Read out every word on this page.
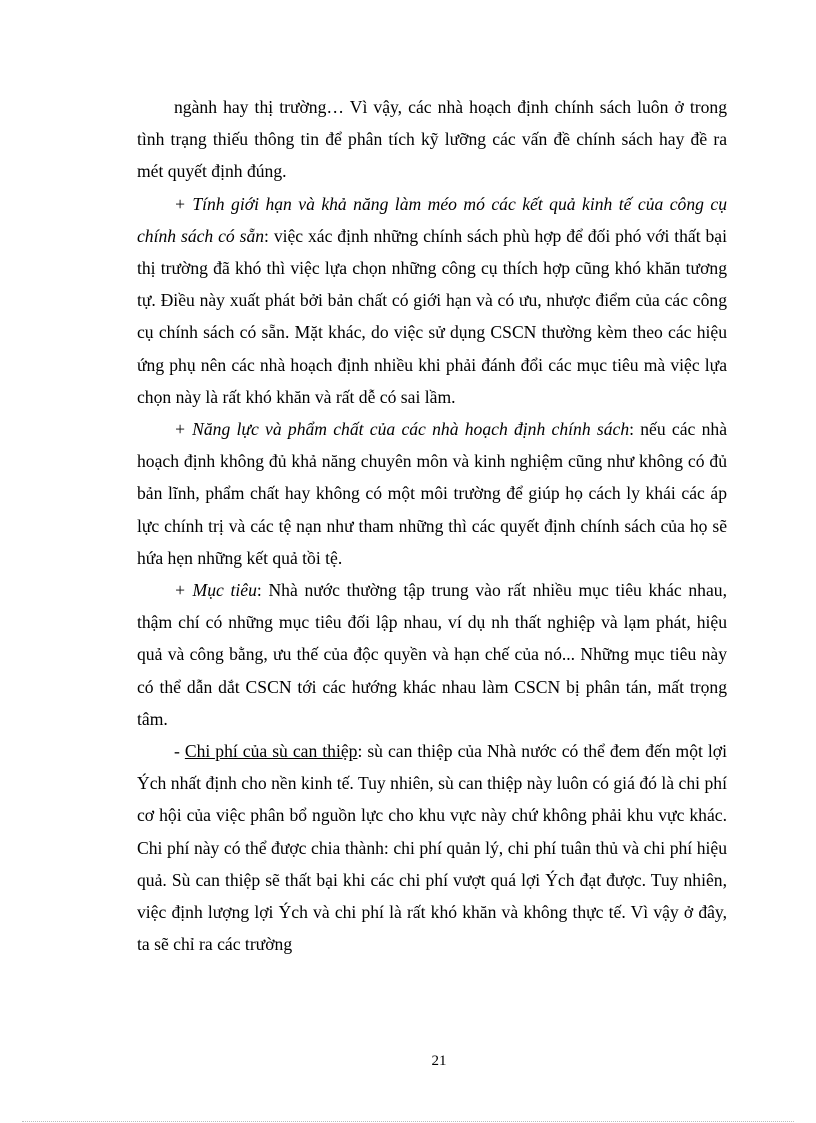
ngành hay thị trường… Vì vậy, các nhà hoạch định chính sách luôn ở trong tình trạng thiếu thông tin để phân tích kỹ lưỡng các vấn đề chính sách hay đề ra mét quyết định đúng.

+ Tính giới hạn và khả năng làm méo mó các kết quả kinh tế của công cụ chính sách có sẵn: việc xác định những chính sách phù hợp để đối phó với thất bại thị trường đã khó thì việc lựa chọn những công cụ thích hợp cũng khó khăn tương tự. Điều này xuất phát bởi bản chất có giới hạn và có ưu, nhược điểm của các công cụ chính sách có sẵn. Mặt khác, do việc sử dụng CSCN thường kèm theo các hiệu ứng phụ nên các nhà hoạch định nhiều khi phải đánh đổi các mục tiêu mà việc lựa chọn này là rất khó khăn và rất dễ có sai lầm.

+ Năng lực và phẩm chất của các nhà hoạch định chính sách: nếu các nhà hoạch định không đủ khả năng chuyên môn và kinh nghiệm cũng như không có đủ bản lĩnh, phẩm chất hay không có một môi trường để giúp họ cách ly khái các áp lực chính trị và các tệ nạn như tham những thì các quyết định chính sách của họ sẽ hứa hẹn những kết quả tồi tệ.

+ Mục tiêu: Nhà nước thường tập trung vào rất nhiều mục tiêu khác nhau, thậm chí có những mục tiêu đối lập nhau, ví dụ nh thất nghiệp và lạm phát, hiệu quả và công bằng, ưu thế của độc quyền và hạn chế của nó... Những mục tiêu này có thể dẫn dắt CSCN tới các hướng khác nhau làm CSCN bị phân tán, mất trọng tâm.

- Chi phí của sù can thiệp: sù can thiệp của Nhà nước có thể đem đến một lợi Ých nhất định cho nền kinh tế. Tuy nhiên, sù can thiệp này luôn có giá đó là chi phí cơ hội của việc phân bổ nguồn lực cho khu vực này chứ không phải khu vực khác. Chi phí này có thể được chia thành: chi phí quản lý, chi phí tuân thủ và chi phí hiệu quả. Sù can thiệp sẽ thất bại khi các chi phí vượt quá lợi Ých đạt được. Tuy nhiên, việc định lượng lợi Ých và chi phí là rất khó khăn và không thực tế. Vì vậy ở đây, ta sẽ chỉ ra các trường

21
